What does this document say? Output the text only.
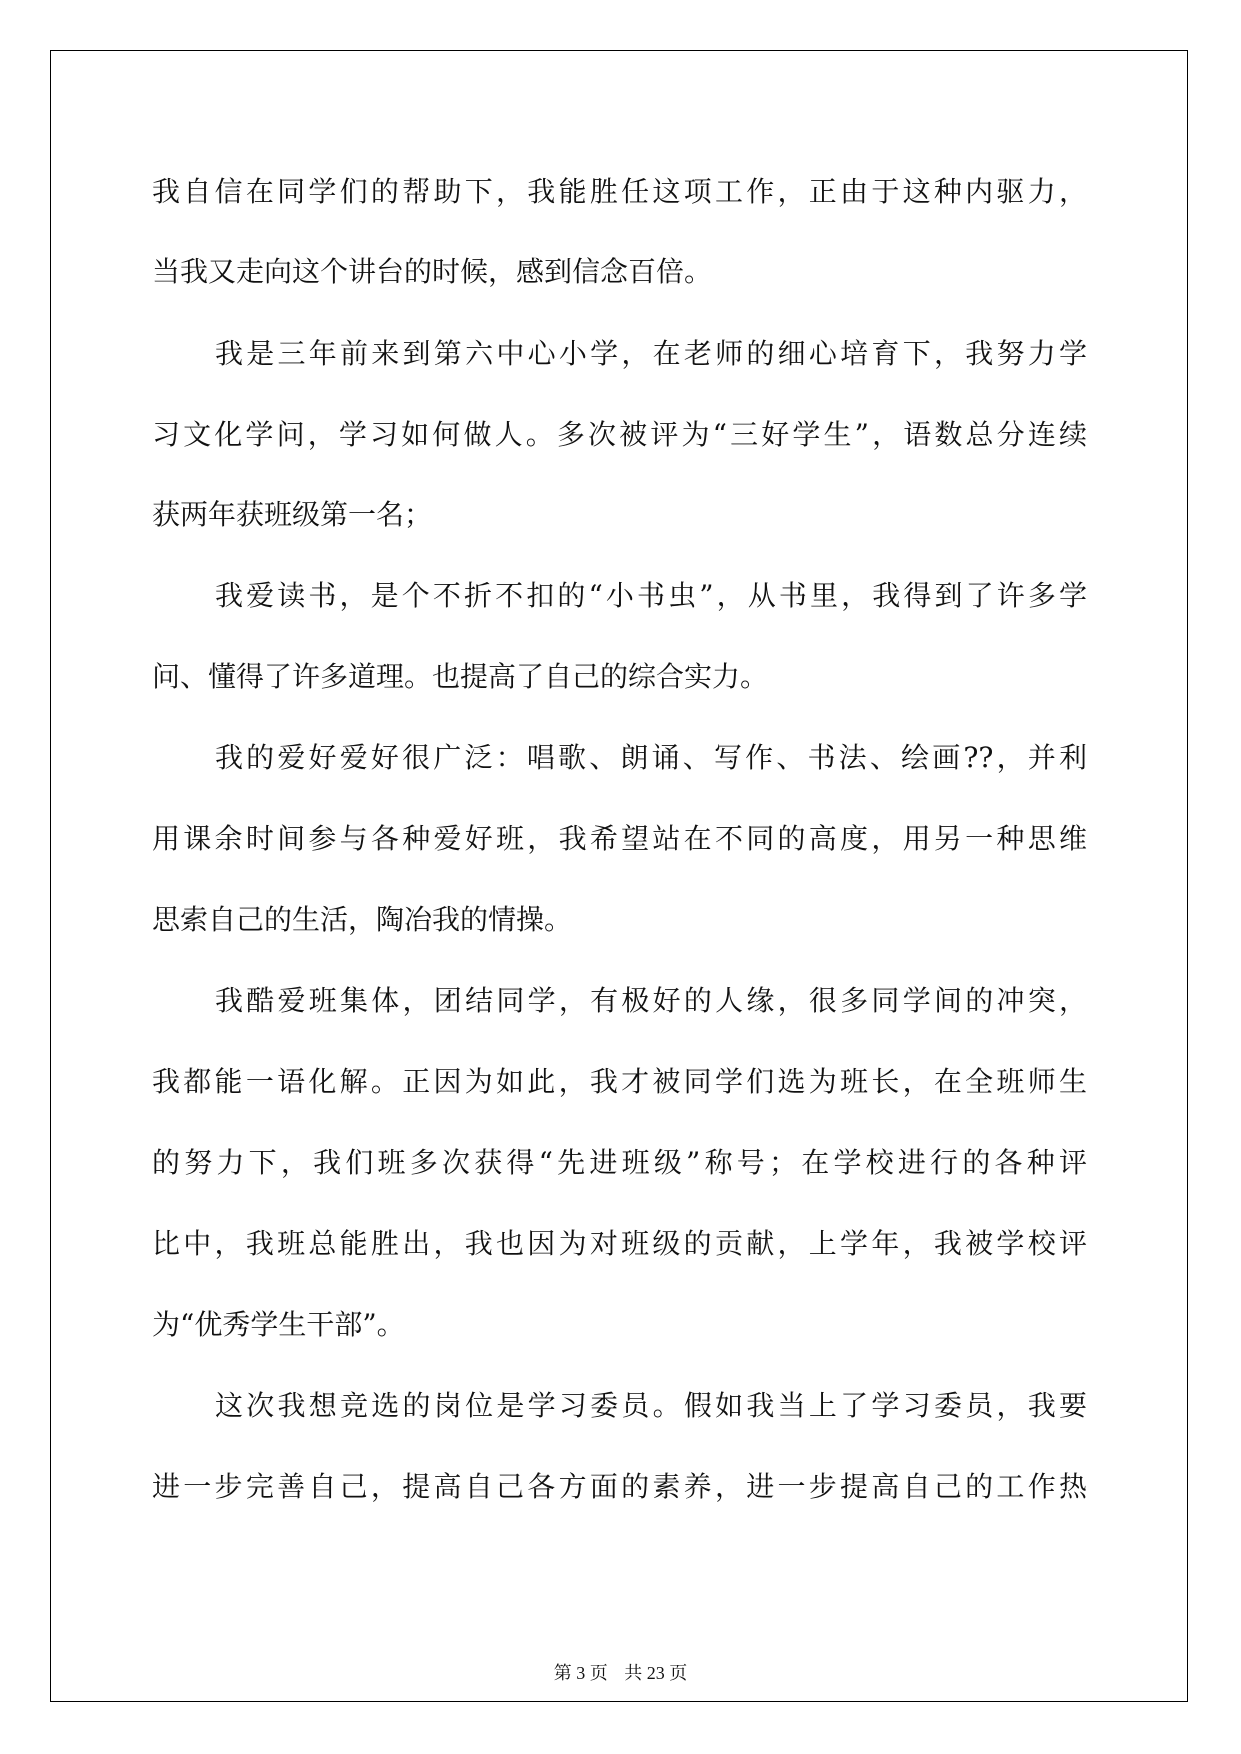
我自信在同学们的帮助下，我能胜任这项工作，正由于这种内驱力，
当我又走向这个讲台的时候，感到信念百倍。
我是三年前来到第六中心小学，在老师的细心培育下，我努力学
习文化学问，学习如何做人。多次被评为“三好学生”，语数总分连续
获两年获班级第一名；
我爱读书，是个不折不扣的“小书虫”，从书里，我得到了许多学
问、懂得了许多道理。也提高了自己的综合实力。
我的爱好爱好很广泛：唱歌、朗诵、写作、书法、绘画??，并利
用课余时间参与各种爱好班，我希望站在不同的高度，用另一种思维
思索自己的生活，陶冶我的情操。
我酷爱班集体，团结同学，有极好的人缘，很多同学间的冲突，
我都能一语化解。正因为如此，我才被同学们选为班长，在全班师生
的努力下，我们班多次获得“先进班级”称号；在学校进行的各种评
比中，我班总能胜出，我也因为对班级的贡献，上学年，我被学校评
为“优秀学生干部”。
这次我想竞选的岗位是学习委员。假如我当上了学习委员，我要
进一步完善自己，提高自己各方面的素养，进一步提高自己的工作热
第 3 页 共 23 页
